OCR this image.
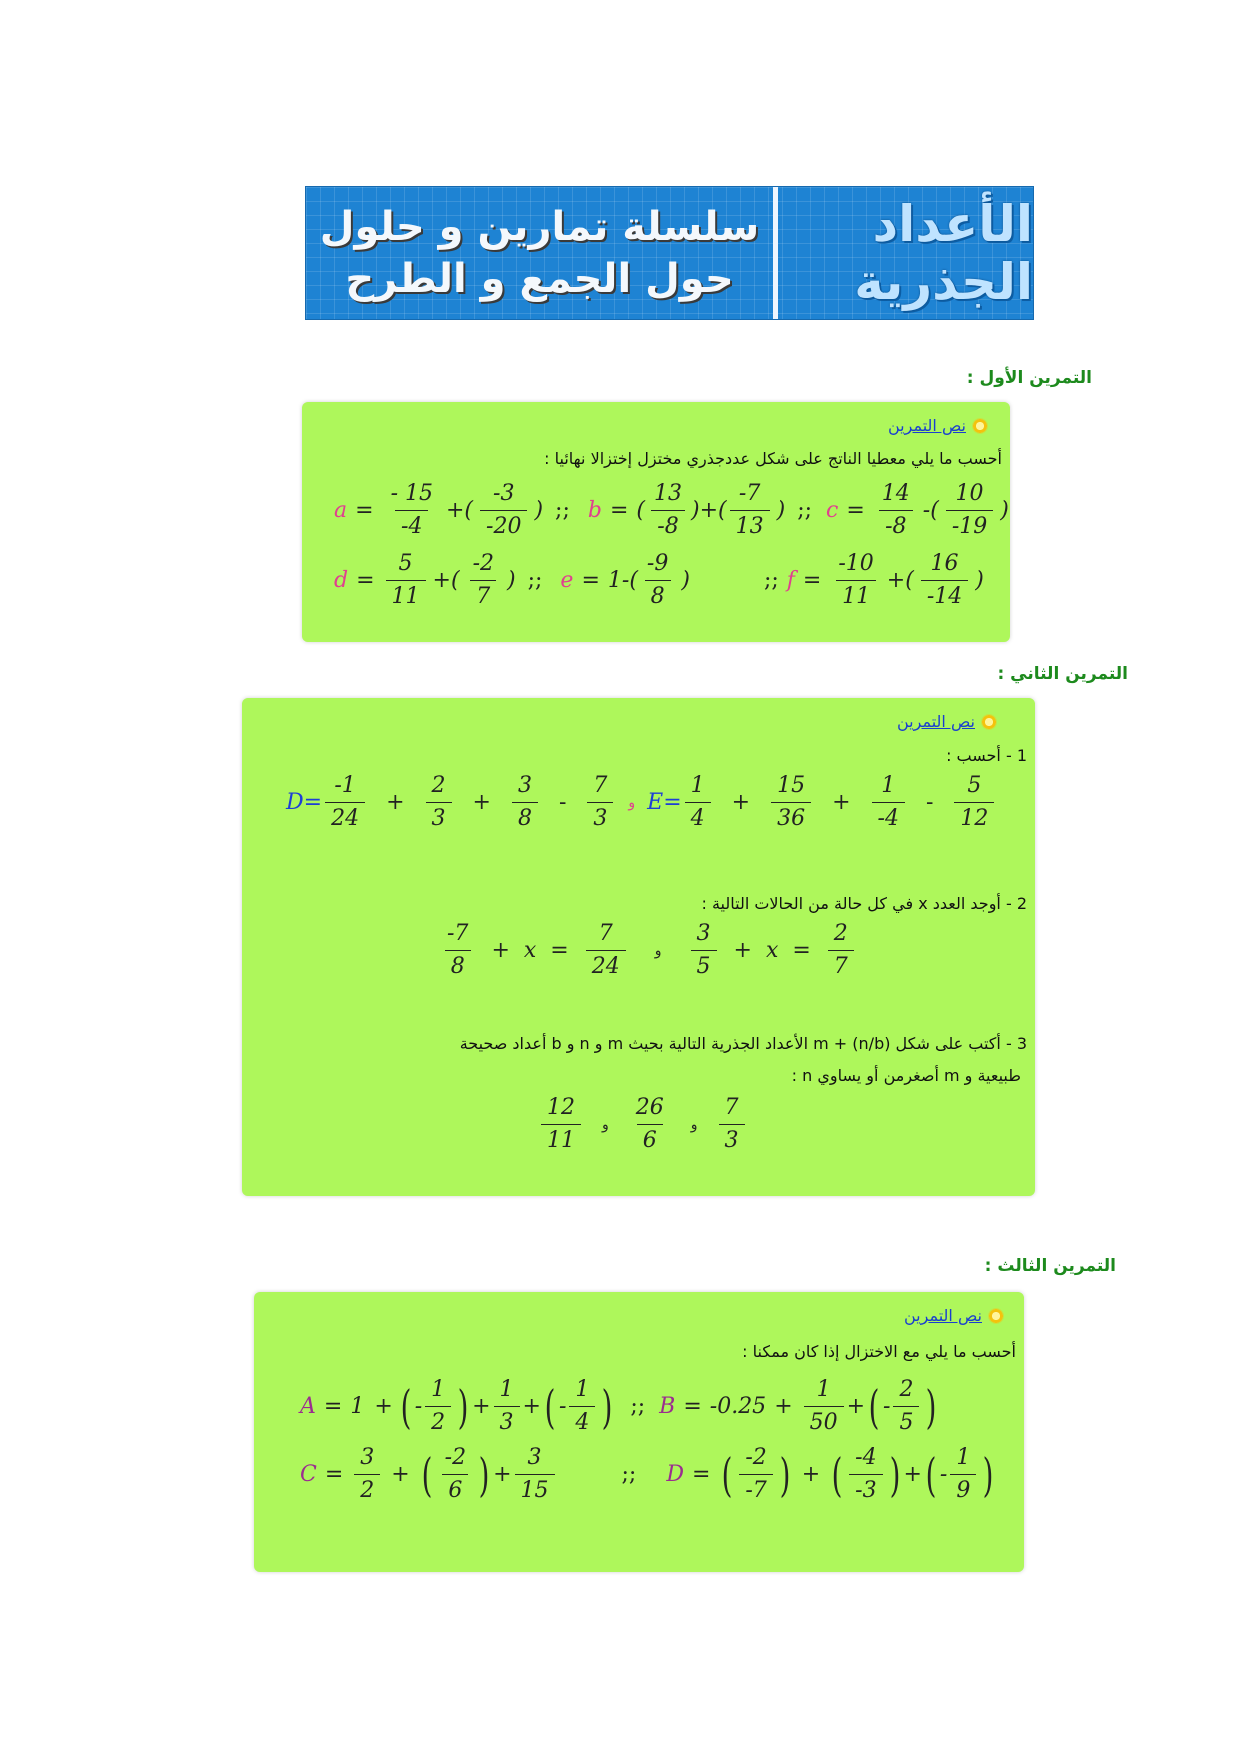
سلسلة تمارين و حلول
حول الجمع و الطرح
الأعداد الجذرية
التمرين الأول :
نص التمرين
أحسب ما يلي معطيا الناتج على شكل عددجذري مختزل إختزالا نهائيا :
$a = \frac{- 15}{-4}$ +( $\frac{-3}{-20}$ ) ;; b = ( $\frac{13}{-8}$ )+( $\frac{-7}{13}$ ) ;; $c = \frac{14}{-8}$ -( $\frac{10}{-19}$ )
$d = \frac{5}{11}$ +( $\frac{-2}{7}$ ) ;; $e = 1-( \frac{-9}{8}$ )	;; $f = \frac{-10}{11}$ +( $\frac{16}{-14}$ )
التمرين الثاني :
نص التمرين
1 - أحسب :
$D= \frac{-1}{24} + \frac{2}{3} + \frac{3}{8} - \frac{7}{3}$ و $E= \frac{1}{4} + \frac{15}{36} + \frac{1}{-4} - \frac{5}{12}$
2 - أوجد العدد x في كل حالة من الحالات التالية :
$\frac{-7}{8} + x = \frac{7}{24}$ و $\frac{3}{5} + x = \frac{2}{7}$
3 - أكتب على شكل m + (n/b) الأعداد الجذرية التالية بحيث m و n و b أعداد صحيحة
طبيعية و m أصغرمن أو يساوي n :
$\frac{12}{11}$ و $\frac{26}{6}$ و $\frac{7}{3}$
التمرين الثالث :
نص التمرين
أحسب ما يلي مع الاختزال إذا كان ممكنا :
A = 1 + ( - $\frac{1}{2}$ ) + $\frac{1}{3}$ + ( - $\frac{1}{4}$ ) ;; $B = -0.25 + \frac{1}{50}$ + ( - $\frac{2}{5}$ )
$C = \frac{3}{2}$ + ( $\frac{-2}{6}$ ) + $\frac{3}{15}$	;; D = ( $\frac{-2}{-7}$ ) + ( $\frac{-4}{-3}$ ) + ( - $\frac{1}{9}$ )
